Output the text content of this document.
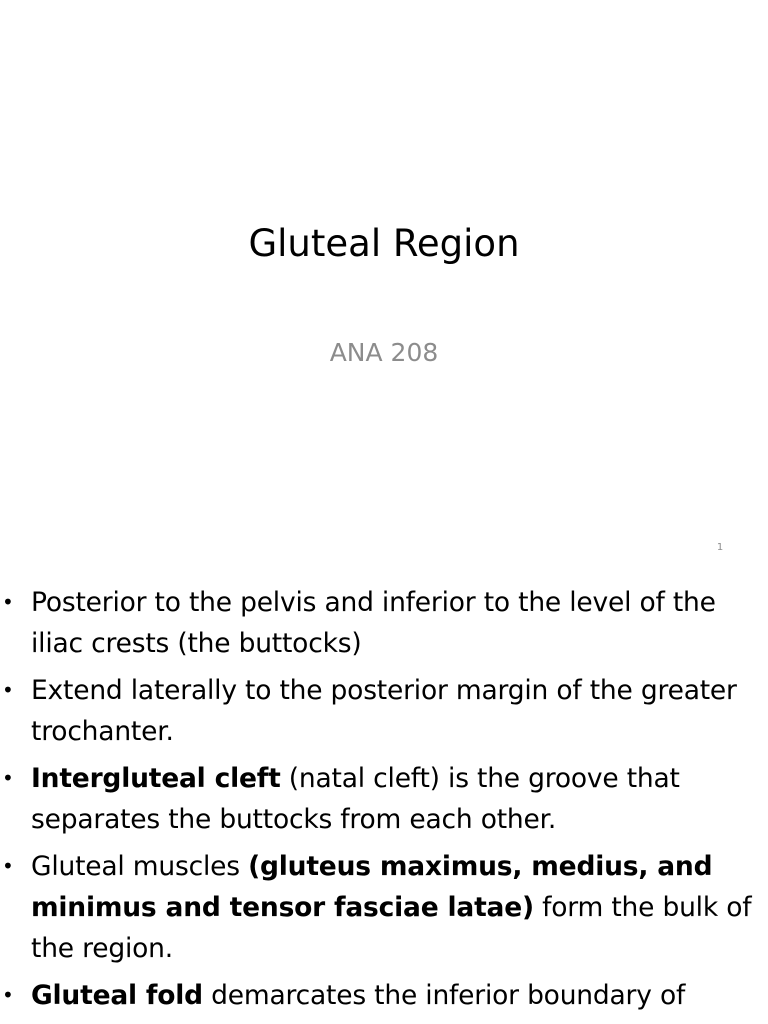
Gluteal Region
ANA 208
1
• Posterior to the pelvis and inferior to the level of the iliac crests (the buttocks)
• Extend laterally to the posterior margin of the greater trochanter.
• Intergluteal cleft (natal cleft) is the groove that separates the buttocks from each other.
• Gluteal muscles (gluteus maximus, medius, and minimus and tensor fasciae latae) form the bulk of the region.
• Gluteal fold demarcates the inferior boundary of
